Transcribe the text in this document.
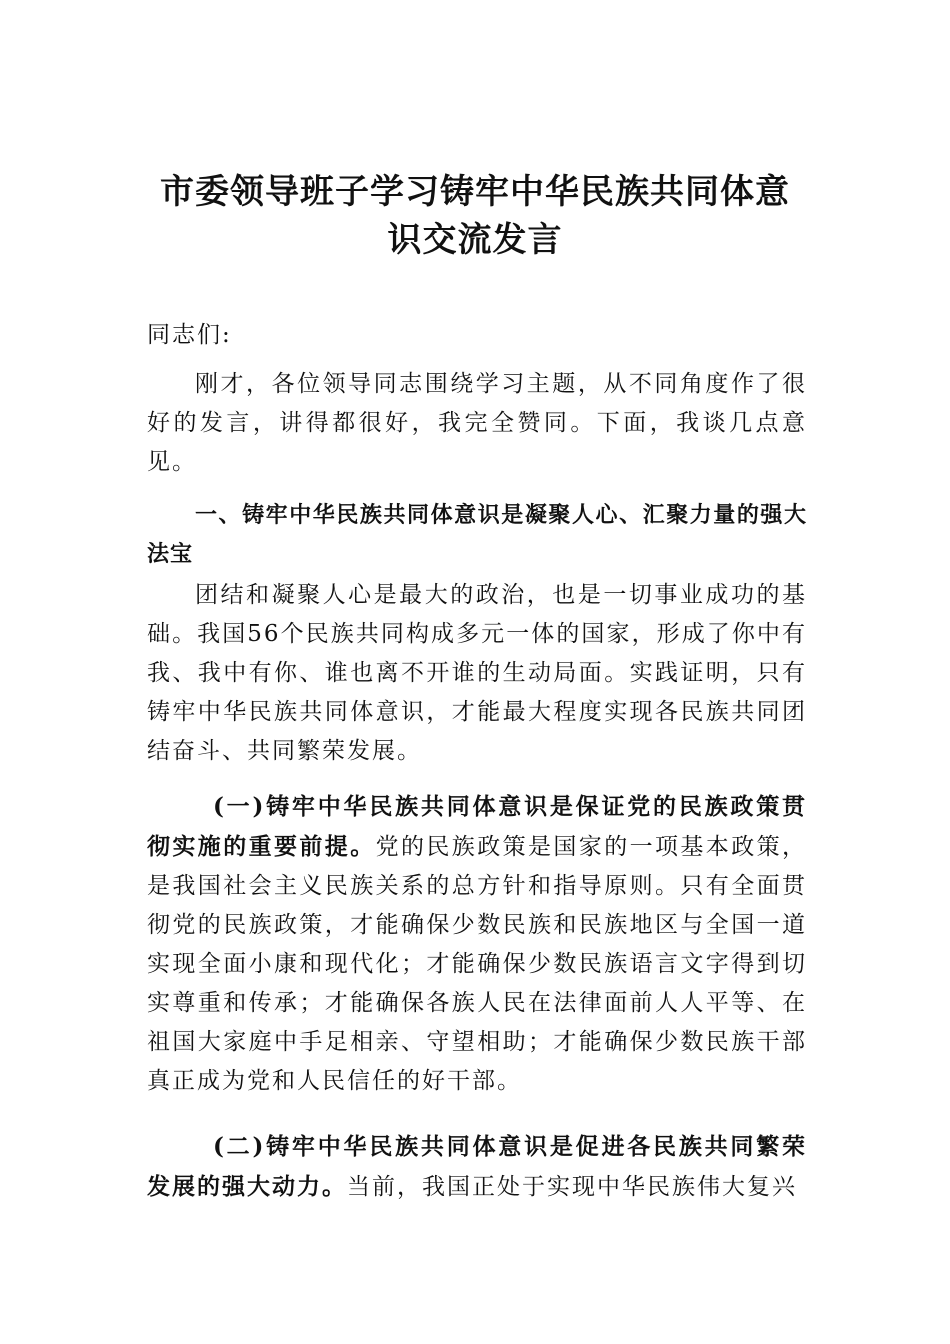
市委领导班子学习铸牢中华民族共同体意
识交流发言

同志们:

刚才，各位领导同志围绕学习主题，从不同角度作了很好的发言，讲得都很好，我完全赞同。下面，我谈几点意见。

一、铸牢中华民族共同体意识是凝聚人心、汇聚力量的强大法宝

团结和凝聚人心是最大的政治，也是一切事业成功的基础。我国56个民族共同构成多元一体的国家，形成了你中有 我、我中有你、谁也离不开谁的生动局面。实践证明，只有 铸牢中华民族共同体意识，才能最大程度实现各民族共同团 结奋斗、共同繁荣发展。

(一)铸牢中华民族共同体意识是保证党的民族政策贯彻实施的重要前提。党的民族政策是国家的一项基本政策，是我国社会主义民族关系的总方针和指导原则。只有全面贯彻党的民族政策，才能确保少数民族和民族地区与全国一道实现全面小康和现代化；才能确保少数民族语言文字得到切实尊重和传承；才能确保各族人民在法律面前人人平等、在祖国大家庭中手足相亲、守望相助；才能确保少数民族干部真正成为党和人民信任的好干部。

(二)铸牢中华民族共同体意识是促进各民族共同繁荣发展的强大动力。当前，我国正处于实现中华民族伟大复兴
